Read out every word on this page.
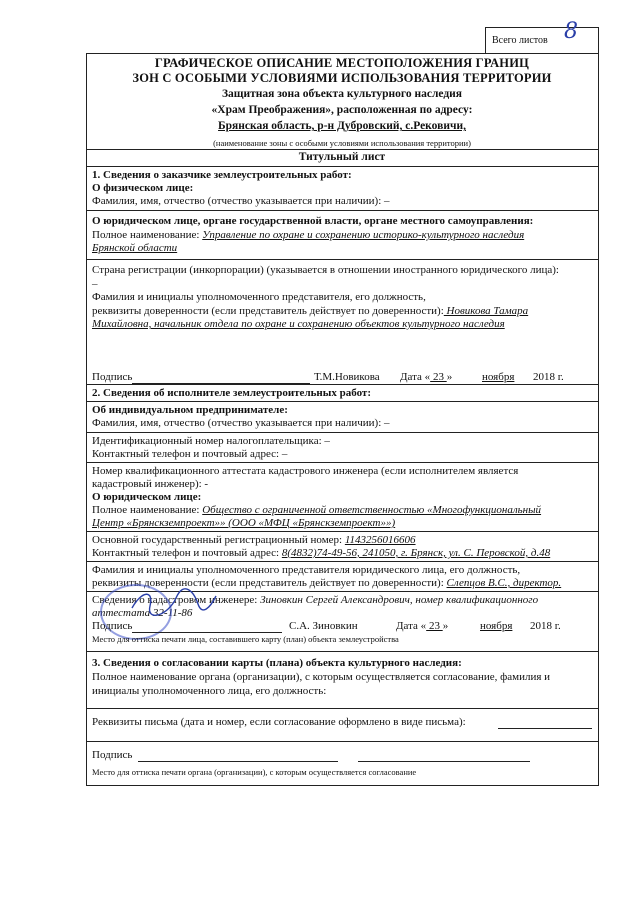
Всего листов 8
ГРАФИЧЕСКОЕ ОПИСАНИЕ МЕСТОПОЛОЖЕНИЯ ГРАНИЦ
ЗОН С ОСОБЫМИ УСЛОВИЯМИ ИСПОЛЬЗОВАНИЯ ТЕРРИТОРИИ
Защитная зона объекта культурного наследия
«Храм Преображения», расположенная по адресу:
Брянская область, р-н Дубровский, с.Рековичи,
(наименование зоны с особыми условиями использования территории)
Титульный лист
1. Сведения о заказчике землеустроительных работ:
О физическом лице:
Фамилия, имя, отчество (отчество указывается при наличии): –
О юридическом лице, органе государственной власти, органе местного самоуправления:
Полное наименование: Управление по охране и сохранению историко-культурного наследия
Брянской области
Страна регистрации (инкорпорации) (указывается в отношении иностранного юридического лица):
–
Фамилия и инициалы уполномоченного представителя, его должность,
реквизиты доверенности (если представитель действует по доверенности): Новикова Тамара
Михайловна, начальник отдела по охране и сохранению объектов культурного наследия
Подпись	Т.М.Новикова Дата « 23 »	ноября 2018 г.
2. Сведения об исполнителе землеустроительных работ:
Об индивидуальном предпринимателе:
Фамилия, имя, отчество (отчество указывается при наличии): –
Идентификационный номер налогоплательщика: –
Контактный телефон и почтовый адрес: –
Номер квалификационного аттестата кадастрового инженера (если исполнителем является
кадастровый инженер): -
О юридическом лице:
Полное наименование: Общество с ограниченной ответственностью «Многофункциональный
Центр «Брянскземпроект»» (ООО «МФЦ «Брянскземпроект»»)
Основной государственный регистрационный номер: 1143256016606
Контактный телефон и почтовый адрес: 8(4832)74-49-56, 241050, г. Брянск, ул. С. Перовской, д.48
Фамилия и инициалы уполномоченного представителя юридического лица, его должность,
реквизиты доверенности (если представитель действует по доверенности): Слепцов В.С., директор.
Сведения о кадастровом инженере: Зиновкин Сергей Александрович, номер квалификационного
аттестата 32-11-86
Подпись	С.А. Зиновкин	Дата « 23 »	ноября 2018 г.
Место для оттиска печати лица, составившего карту (план) объекта землеустройства
3. Сведения о согласовании карты (плана) объекта культурного наследия:
Полное наименование органа (организации), с которым осуществляется согласование, фамилия и
инициалы уполномоченного лица, его должность:
Реквизиты письма (дата и номер, если согласование оформлено в виде письма):
Подпись
Место для оттиска печати органа (организации), с которым осуществляется согласование
